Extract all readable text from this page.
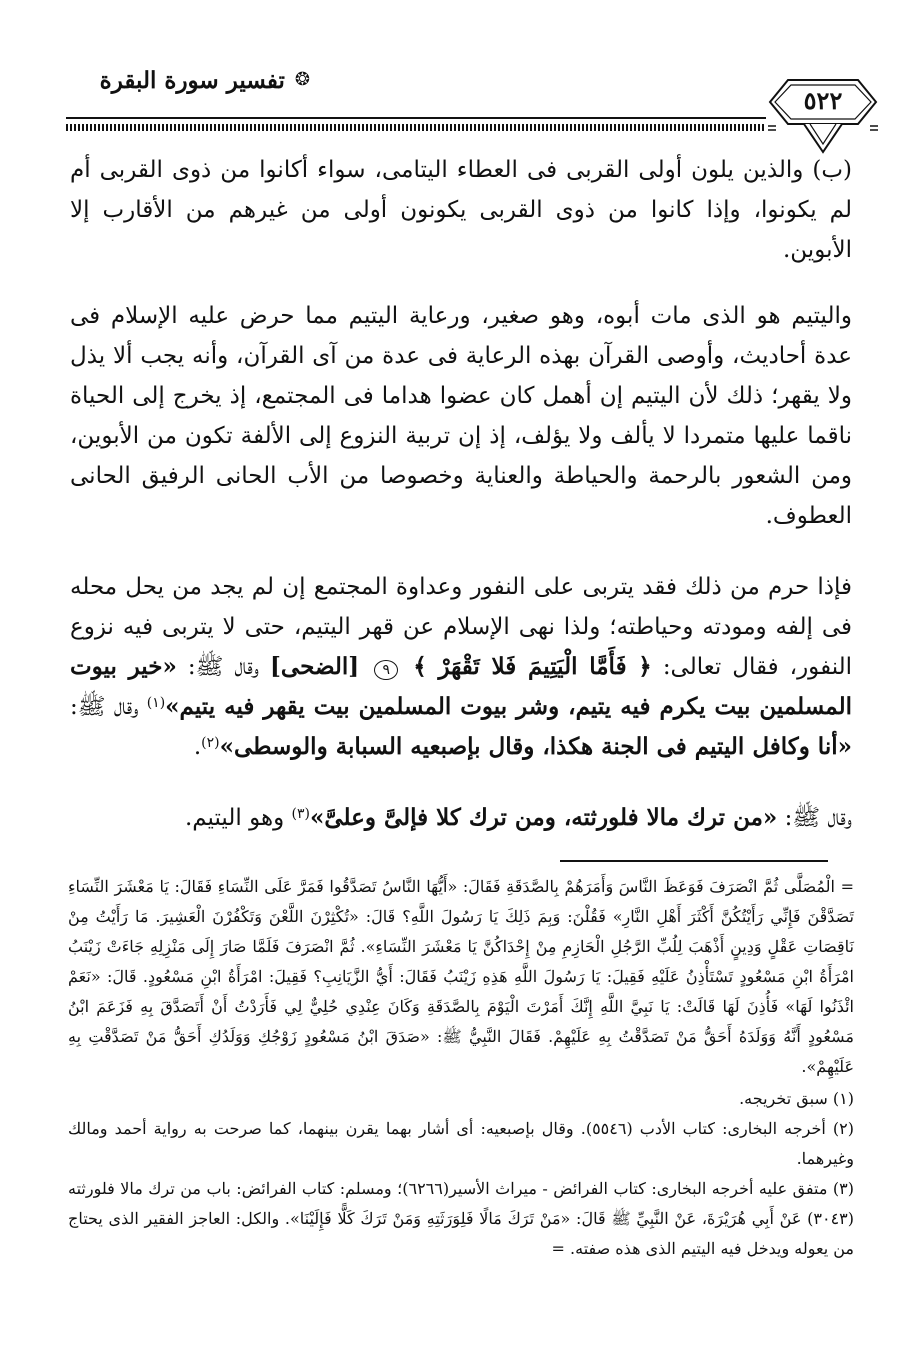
❂
تفسير سورة البقرة
٥٢٢

(ب) والذين يلون أولى القربى فى العطاء اليتامى، سواء أكانوا من ذوى القربى أم لم يكونوا، وإذا كانوا من ذوى القربى يكونون أولى من غيرهم من الأقارب إلا الأبوين.

واليتيم هو الذى مات أبوه، وهو صغير، ورعاية اليتيم مما حرض عليه الإسلام فى عدة أحاديث، وأوصى القرآن بهذه الرعاية فى عدة من آى القرآن، وأنه يجب ألا يذل ولا يقهر؛ ذلك لأن اليتيم إن أهمل كان عضوا هداما فى المجتمع، إذ يخرج إلى الحياة ناقما عليها متمردا لا يألف ولا يؤلف، إذ إن تربية النزوع إلى الألفة تكون من الأبوين، ومن الشعور بالرحمة والحياطة والعناية وخصوصا من الأب الحانى الرفيق الحانى العطوف.

فإذا حرم من ذلك فقد يتربى على النفور وعداوة المجتمع إن لم يجد من يحل محله فى إلفه ومودته وحياطته؛ ولذا نهى الإسلام عن قهر اليتيم، حتى لا يتربى فيه نزوع النفور، فقال تعالى: ﴿ فَأَمَّا الْيَتِيمَ فَلا تَقْهَرْ ﴾ ٩ [الضحى] وقال ﷺ: «خير بيوت المسلمين بيت يكرم فيه يتيم، وشر بيوت المسلمين بيت يقهر فيه يتيم»$^{(١)}$ وقال ﷺ: «أنا وكافل اليتيم فى الجنة هكذا، وقال بإصبعيه السبابة والوسطى»$^{(٢)}$.

وقال ﷺ: «من ترك مالا فلورثته، ومن ترك كلا فإلىَّ وعلىَّ»$^{(٣)}$ وهو اليتيم.

= الْمُصَلَّى ثُمَّ انْصَرَفَ فَوَعَظَ النَّاسَ وَأَمَرَهُمْ بِالصَّدَقَةِ فَقَالَ: «أَيُّهَا النَّاسُ تَصَدَّقُوا فَمَرَّ عَلَى النِّسَاءِ فَقَالَ: يَا مَعْشَرَ النِّسَاءِ تَصَدَّقْنَ فَإِنِّي رَأَيْتُكُنَّ أَكْثَرَ أَهْلِ النَّارِ» فَقُلْنَ: وَبِمَ ذَلِكَ يَا رَسُولَ اللَّهِ؟ قَالَ: «تُكْثِرْنَ اللَّعْنَ وَتَكْفُرْنَ الْعَشِيرَ. مَا رَأَيْتُ مِنْ نَاقِصَاتِ عَقْلٍ وَدِينٍ أَذْهَبَ لِلُبِّ الرَّجُلِ الْحَازِمِ مِنْ إِحْدَاكُنَّ يَا مَعْشَرَ النِّسَاءِ». ثُمَّ انْصَرَفَ فَلَمَّا صَارَ إِلَى مَنْزِلِهِ جَاءَتْ زَيْنَبُ امْرَأَةُ ابْنِ مَسْعُودٍ تَسْتَأْذِنُ عَلَيْهِ فَقِيلَ: يَا رَسُولَ اللَّهِ هَذِهِ زَيْنَبُ فَقَالَ: أَيُّ الزَّيَانِبِ؟ فَقِيلَ: امْرَأَةُ ابْنِ مَسْعُودٍ. قَالَ: «نَعَمْ ائْذَنُوا لَهَا» فَأُذِنَ لَهَا قَالَتْ: يَا نَبِيَّ اللَّهِ إِنَّكَ أَمَرْتَ الْيَوْمَ بِالصَّدَقَةِ وَكَانَ عِنْدِي حُلِيٌّ لِي فَأَرَدْتُ أَنْ أَتَصَدَّقَ بِهِ فَزَعَمَ ابْنُ مَسْعُودٍ أَنَّهُ وَوَلَدَهُ أَحَقُّ مَنْ تَصَدَّقْتُ بِهِ عَلَيْهِمْ. فَقَالَ النَّبِيُّ ﷺ: «صَدَقَ ابْنُ مَسْعُودٍ زَوْجُكِ وَوَلَدُكِ أَحَقُّ مَنْ تَصَدَّقْتِ بِهِ عَلَيْهِمْ».

(١) سبق تخريجه.

(٢) أخرجه البخارى: كتاب الأدب (٥٥٤٦). وقال بإصبعيه: أى أشار بهما يقرن بينهما، كما صرحت به رواية أحمد ومالك وغيرهما.

(٣) متفق عليه أخرجه البخارى: كتاب الفرائض - ميراث الأسير(٦٢٦٦)؛ ومسلم: كتاب الفرائض: باب من ترك مالا فلورثته (٣٠٤٣) عَنْ أَبِي هُرَيْرَةَ، عَنْ النَّبِيِّ ﷺ قَالَ: «مَنْ تَرَكَ مَالًا فَلِوَرَثَتِهِ وَمَنْ تَرَكَ كَلًّا فَإِلَيْنَا». والكل: العاجز الفقير الذى يحتاج من يعوله ويدخل فيه اليتيم الذى هذه صفته. =
